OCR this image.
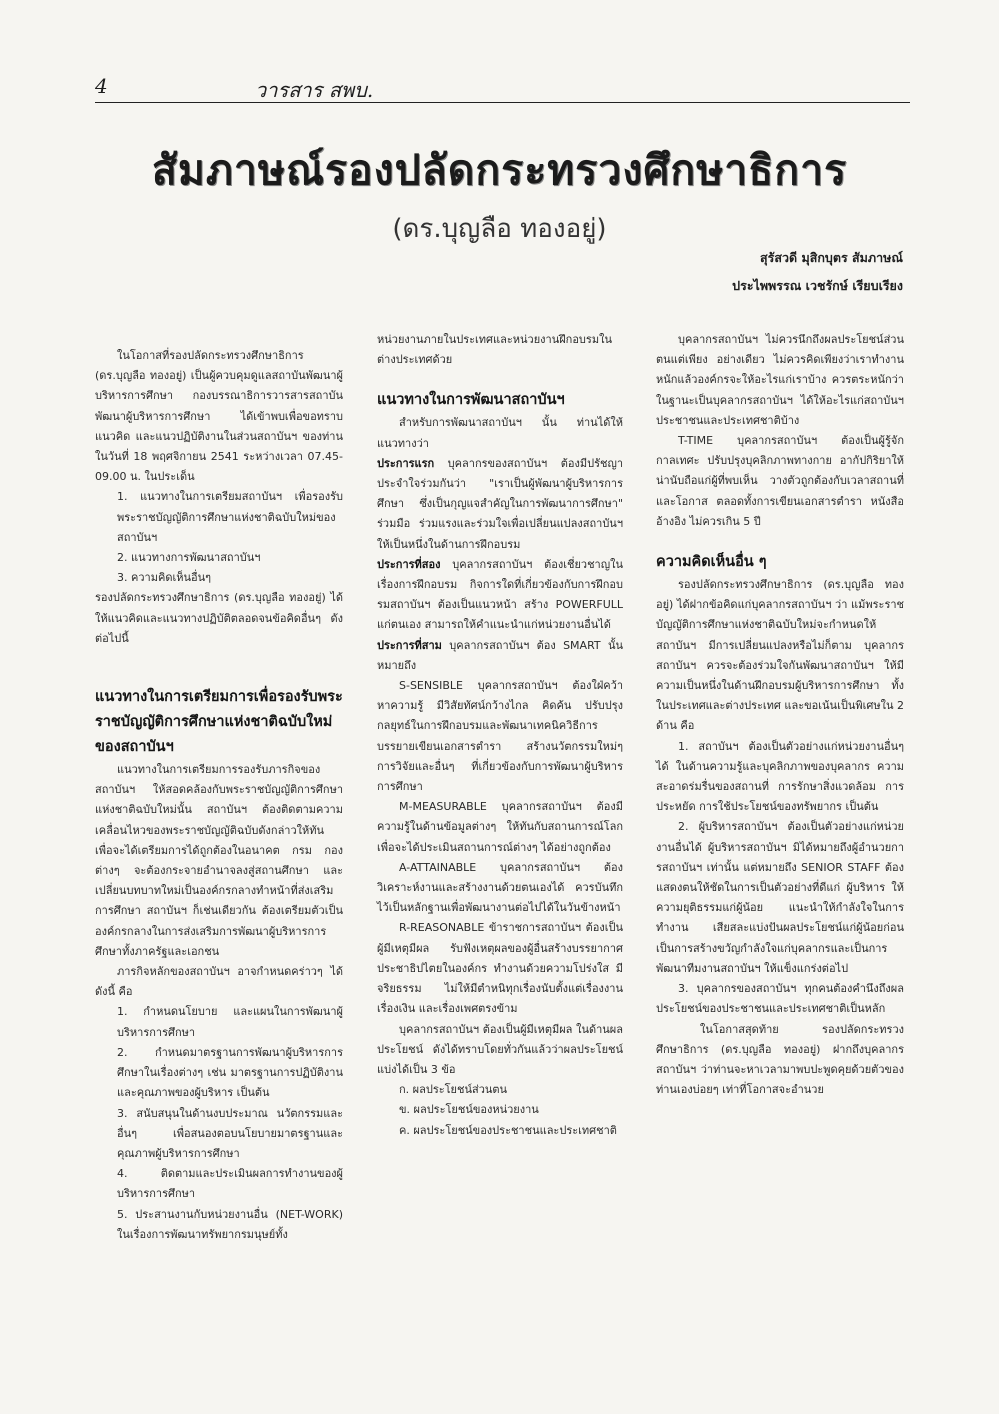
4	วารสาร สพบ.
สัมภาษณ์รองปลัดกระทรวงศึกษาธิการ
(ดร.บุญลือ ทองอยู่)
สุรัสวดี มุสิกบุตร สัมภาษณ์
ประไพพรรณ เวชรักษ์ เรียบเรียง

ในโอกาสที่รองปลัดกระทรวงศึกษาธิการ (ดร.บุญลือ ทองอยู่) เป็นผู้ควบคุมดูแลสถาบันพัฒนาผู้บริหารการศึกษา กองบรรณาธิการวารสารสถาบันพัฒนาผู้บริหารการศึกษา ได้เข้าพบเพื่อขอทราบแนวคิด และแนวปฏิบัติงานในส่วนสถาบันฯ ของท่านในวันที่ 18 พฤศจิกายน 2541 ระหว่างเวลา 07.45-09.00 น. ในประเด็น

1. แนวทางในการเตรียมสถาบันฯ เพื่อรองรับพระราชบัญญัติการศึกษาแห่งชาติฉบับใหม่ของสถาบันฯ

2. แนวทางการพัฒนาสถาบันฯ

3. ความคิดเห็นอื่นๆ

รองปลัดกระทรวงศึกษาธิการ (ดร.บุญลือ ทองอยู่) ได้ให้แนวคิดและแนวทางปฏิบัติตลอดจนข้อคิดอื่นๆ ดังต่อไปนี้

แนวทางในการเตรียมการเพื่อรองรับพระราชบัญญัติการศึกษาแห่งชาติฉบับใหม่ของสถาบันฯ

แนวทางในการเตรียมการรองรับภารกิจของสถาบันฯ ให้สอดคล้องกับพระราชบัญญัติการศึกษาแห่งชาติฉบับใหม่นั้น สถาบันฯ ต้องติดตามความเคลื่อนไหวของพระราชบัญญัติฉบับดังกล่าวให้ทัน เพื่อจะได้เตรียมการได้ถูกต้องในอนาคต กรม กองต่างๆ จะต้องกระจายอำนาจลงสู่สถานศึกษา และเปลี่ยนบทบาทใหม่เป็นองค์กรกลางทำหน้าที่ส่งเสริมการศึกษา สถาบันฯ ก็เช่นเดียวกัน ต้องเตรียมตัวเป็นองค์กรกลางในการส่งเสริมการพัฒนาผู้บริหารการศึกษาทั้งภาครัฐและเอกชน

ภารกิจหลักของสถาบันฯ อาจกำหนดคร่าวๆ ได้ดังนี้ คือ

1. กำหนดนโยบาย และแผนในการพัฒนาผู้บริหารการศึกษา

2. กำหนดมาตรฐานการพัฒนาผู้บริหารการศึกษาในเรื่องต่างๆ เช่น มาตรฐานการปฏิบัติงานและคุณภาพของผู้บริหาร เป็นต้น

3. สนับสนุนในด้านงบประมาณ นวัตกรรมและอื่นๆ เพื่อสนองตอบนโยบายมาตรฐานและคุณภาพผู้บริหารการศึกษา

4. ติดตามและประเมินผลการทำงานของผู้บริหารการศึกษา

5. ประสานงานกับหน่วยงานอื่น (NET-WORK) ในเรื่องการพัฒนาทรัพยากรมนุษย์ทั้ง

หน่วยงานภายในประเทศและหน่วยงานฝึกอบรมในต่างประเทศด้วย

แนวทางในการพัฒนาสถาบันฯ

สำหรับการพัฒนาสถาบันฯ นั้น ท่านได้ให้แนวทางว่า

ประการแรก บุคลากรของสถาบันฯ ต้องมีปรัชญาประจำใจร่วมกันว่า "เราเป็นผู้พัฒนาผู้บริหารการศึกษา ซึ่งเป็นกุญแจสำคัญในการพัฒนาการศึกษา" ร่วมมือ ร่วมแรงและร่วมใจเพื่อเปลี่ยนแปลงสถาบันฯ ให้เป็นหนึ่งในด้านการฝึกอบรม

ประการที่สอง บุคลากรสถาบันฯ ต้องเชี่ยวชาญในเรื่องการฝึกอบรม กิจการใดที่เกี่ยวข้องกับการฝึกอบรมสถาบันฯ ต้องเป็นแนวหน้า สร้าง POWERFULL แก่ตนเอง สามารถให้คำแนะนำแก่หน่วยงานอื่นได้

ประการที่สาม บุคลากรสถาบันฯ ต้อง SMART นั้น หมายถึง

S-SENSIBLE บุคลากรสถาบันฯ ต้องใฝ่คว้าหาความรู้ มีวิสัยทัศน์กว้างไกล คิดค้น ปรับปรุงกลยุทธ์ในการฝึกอบรมและพัฒนาเทคนิควิธีการบรรยายเขียนเอกสารตำรา สร้างนวัตกรรมใหม่ๆ การวิจัยและอื่นๆ ที่เกี่ยวข้องกับการพัฒนาผู้บริหารการศึกษา

M-MEASURABLE บุคลากรสถาบันฯ ต้องมีความรู้ในด้านข้อมูลต่างๆ ให้ทันกับสถานการณ์โลก เพื่อจะได้ประเมินสถานการณ์ต่างๆ ได้อย่างถูกต้อง

A-ATTAINABLE บุคลากรสถาบันฯ ต้องวิเคราะห์งานและสร้างงานด้วยตนเองได้ ควรบันทึกไว้เป็นหลักฐานเพื่อพัฒนางานต่อไปได้ในวันข้างหน้า

R-REASONABLE ข้าราชการสถาบันฯ ต้องเป็นผู้มีเหตุมีผล รับฟังเหตุผลของผู้อื่นสร้างบรรยากาศประชาธิปไตยในองค์กร ทำงานด้วยความโปร่งใส มีจริยธรรม ไม่ให้มีตำหนิทุกเรื่องนับตั้งแต่เรื่องงาน เรื่องเงิน และเรื่องเพศตรงข้าม

บุคลากรสถาบันฯ ต้องเป็นผู้มีเหตุมีผล ในด้านผลประโยชน์ ดังได้ทราบโดยทั่วกันแล้วว่าผลประโยชน์แบ่งได้เป็น 3 ข้อ

ก. ผลประโยชน์ส่วนตน

ข. ผลประโยชน์ของหน่วยงาน

ค. ผลประโยชน์ของประชาชนและประเทศชาติ

บุคลากรสถาบันฯ ไม่ควรนึกถึงผลประโยชน์ส่วนตนแต่เพียง อย่างเดียว ไม่ควรคิดเพียงว่าเราทำงานหนักแล้วองค์กรจะให้อะไรแก่เราบ้าง ควรตระหนักว่าในฐานะเป็นบุคลากรสถาบันฯ ได้ให้อะไรแก่สถาบันฯ ประชาชนและประเทศชาติบ้าง

T-TIME บุคลากรสถาบันฯ ต้องเป็นผู้รู้จักกาลเทศะ ปรับปรุงบุคลิกภาพทางกาย อากัปกิริยาให้น่านับถือแก่ผู้ที่พบเห็น วางตัวถูกต้องกับเวลาสถานที่และโอกาส ตลอดทั้งการเขียนเอกสารตำรา หนังสือ อ้างอิง ไม่ควรเกิน 5 ปี

ความคิดเห็นอื่น ๆ

รองปลัดกระทรวงศึกษาธิการ (ดร.บุญลือ ทองอยู่) ได้ฝากข้อคิดแก่บุคลากรสถาบันฯ ว่า แม้พระราชบัญญัติการศึกษาแห่งชาติฉบับใหม่จะกำหนดให้สถาบันฯ มีการเปลี่ยนแปลงหรือไม่ก็ตาม บุคลากรสถาบันฯ ควรจะต้องร่วมใจกันพัฒนาสถาบันฯ ให้มีความเป็นหนึ่งในด้านฝึกอบรมผู้บริหารการศึกษา ทั้งในประเทศและต่างประเทศ และขอเน้นเป็นพิเศษใน 2 ด้าน คือ

1. สถาบันฯ ต้องเป็นตัวอย่างแก่หน่วยงานอื่นๆ ได้ ในด้านความรู้และบุคลิกภาพของบุคลากร ความสะอาดร่มรื่นของสถานที่ การรักษาสิ่งแวดล้อม การประหยัด การใช้ประโยชน์ของทรัพยากร เป็นต้น

2. ผู้บริหารสถาบันฯ ต้องเป็นตัวอย่างแก่หน่วยงานอื่นได้ ผู้บริหารสถาบันฯ มิได้หมายถึงผู้อำนวยการสถาบันฯ เท่านั้น แต่หมายถึง SENIOR STAFF ต้องแสดงตนให้ชัดในการเป็นตัวอย่างที่ดีแก่ ผู้บริหาร ให้ความยุติธรรมแก่ผู้น้อย แนะนำให้กำลังใจในการทำงาน เสียสละแบ่งปันผลประโยชน์แก่ผู้น้อยก่อน เป็นการสร้างขวัญกำลังใจแก่บุคลากรและเป็นการพัฒนาทีมงานสถาบันฯ ให้แข็งแกร่งต่อไป

3. บุคลากรของสถาบันฯ ทุกคนต้องคำนึงถึงผลประโยชน์ของประชาชนและประเทศชาติเป็นหลัก

ในโอกาสสุดท้าย รองปลัดกระทรวงศึกษาธิการ (ดร.บุญลือ ทองอยู่) ฝากถึงบุคลากรสถาบันฯ ว่าท่านจะหาเวลามาพบปะพูดคุยด้วยตัวของท่านเองบ่อยๆ เท่าที่โอกาสจะอำนวย
